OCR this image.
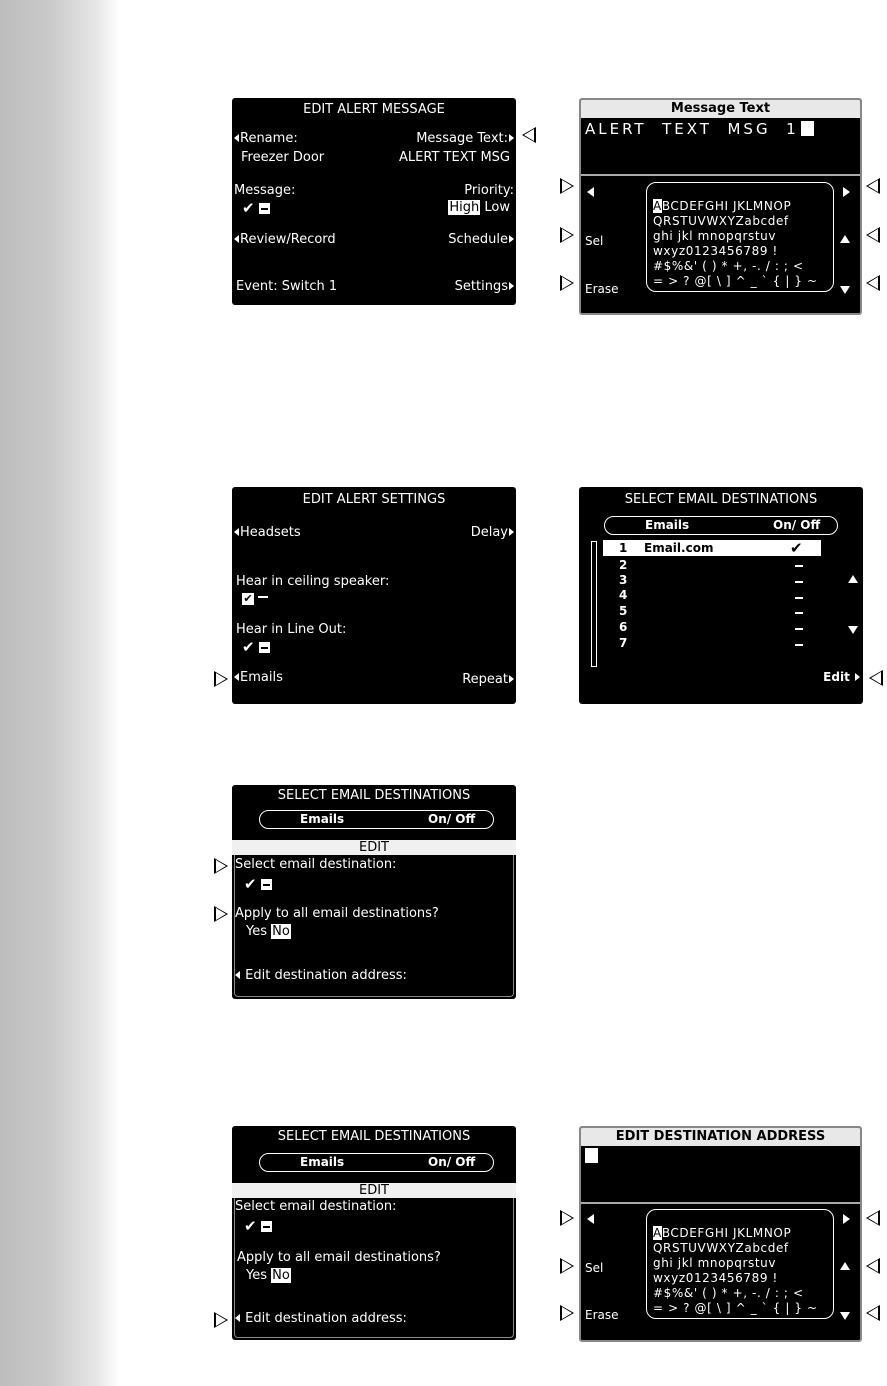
EDIT ALERT MESSAGE
Rename:
Freezer Door
Message Text:
ALERT TEXT MSG
Message:
✔
Priority:
High Low
Review/Record	Schedule
Event: Switch 1	Settings
Message Text
ALERT  TEXT  MSG  1
Sel
Erase

ABCDEFGHI JKLMNOP
QRSTUVWXYZabcdef
ghi jkl mnopqrstuv
wxyz0123456789 !
#$%&' ( ) * +, -. / : ; <
= > ? @[ \ ] ^ _ ` { | } ~
EDIT ALERT SETTINGS
Headsets	Delay
Hear in ceiling speaker:
✔
Hear in Line Out:
✔
Emails	Repeat
SELECT EMAIL DESTINATIONS
Emails	On/ Off
1 Email.com	✔
2
3
4
5
6
7
Edit
SELECT EMAIL DESTINATIONS
Emails	On/ Off
EDIT
Select email destination:
✔
Apply to all email destinations?
Yes No
Edit destination address:
SELECT EMAIL DESTINATIONS
Emails	On/ Off
EDIT
Select email destination:
✔
Apply to all email destinations?
Yes No
Edit destination address:
EDIT DESTINATION ADDRESS
Sel
Erase

ABCDEFGHI JKLMNOP
QRSTUVWXYZabcdef
ghi jkl mnopqrstuv
wxyz0123456789 !
#$%&' ( ) * +, -. / : ; <
= > ? @[ \ ] ^ _ ` { | } ~
